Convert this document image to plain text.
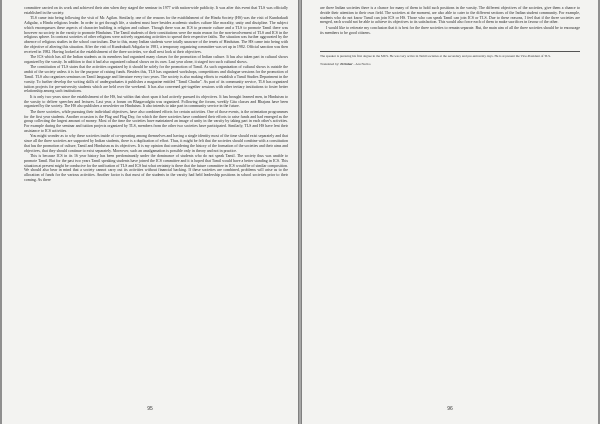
committee carried on its work and achieved their aim when they staged the seminar in 1977 with nation-wide publicity. It was after this event that TLS was officially established in the society.

TLS came into being following the visit of Mr. Agilan. Similarly, one of the reasons for the establishment of the Hindu Society (HS) was the visit of Kundrakudi Adigalar, a Hindu religious leader. In order to get through life, a student must have besides academic studies culture like morality, unity and discipline. The subject which encompasses these aspects of character building is religion and culture. Though there was an ICS to promote culture and a TLS to promote Tamil there was however no society in the varsity to promote Hinduism. The Tamil students of their constitutions were the main reason for the non-involvement of TLS and ICS in the religious sphere. In contrast societies of other religions were actively organizing activities to spread their respective faiths. The situation was further aggravated by the absence of religious studies in the school curriculum. Due to this, many Indian students were totally unaware of the tenets of Hinduism. The HS came into being with the objective of altering this situation. After the visit of Kundrakudi Adigalar in 1981, a temporary organizing committee was set up in 1982. Official sanction was then received in 1982. Having looked at the establishment of the three societies, we shall next look at their objectives.

The ICS which has all the Indian students as its members had organized many classes for the promotion of Indian culture. It has also taken part in cultural shows organized by the varsity. In addition to that it had also organized cultural shows on its own. Last year alone, it staged two such cultural shows.

The constitution of TLS states that the activities organized by it should be solely for the promotion of Tamil. As such organization of cultural shows is outside the ambit of the society unless it is for the purpose of raising funds. Besides this, TLS has organized workshops, competitions and dialogue sessions for the promotion of Tamil. TLS also organizes seminars on Tamil language and literature every two years. The society is also making efforts to establish a Tamil Studies Department in the varsity. To further develop the writing skills of undergraduates it publishes a magazine entitled "Tamil Chudar". As part of its community service, TLS has organized tuition projects for pre-university students which are held over the weekend. It has also convened get-together sessions with other tertiary institutions to foster better relationship among such institutions.

It is only two years since the establishment of the HS, but within that short span it had actively pursued its objectives. It has brought learned men, in Hinduism to the varsity to deliver speeches and lectures. Last year, a forum on Bhagavadgita was organized. Following the forum, weekly Gita classes and Bhajans have been organized by the society. The HS also publishes a newsletter on Hinduism. It also intends to take part in community service in the future.

The three societies, while pursuing their individual objectives, have also combined efforts for certain activities. One of those events, is the orientation programmes for the first year students. Another occasion is the Flag and Flag Day, for which the three societies have combined their efforts to raise funds and had emerged as the group collecting the largest amount of money. Most of the time the societies have maintained an image of unity in the varsity by taking part in each other's activities. For example during the seminar and tuition projects organized by TLS, members from the other two societies have participated. Similarly, TLS and HS have lent their assistance to ICS activities.

You might wonder as to why these societies inside of co-operating among themselves and having a single identity most of the time should exist separately and that since all the three societies are supported by Indian students, there is a duplication of effort. Thus, it might be felt that the societies should combine with a constitution that has the promotion of culture, Tamil and Hinduism as its objectives. It is my opinion that considering the history of the formation of the societies and their aims and objectives, that they should continue to exist separately. Moreover, such an amalgamation is possible only in theory and not in practice.

This is because ICS in its 16 year history has been predominantly under the dominance of students who do not speak Tamil. The society thus was unable to promote Tamil. But for the past two years Tamil speaking students have joined the ICS committee and it is hoped that Tamil would have a better standing in ICS. This situation at present might be conducive for the unification of TLS and ICS but what certainty is there that the future committee in ICS would be of similar composition. We should also bear in mind that a society cannot carry out its activities without financial backing. If these societies are combined, problems will arise as to the allocation of funds for the various activities. Another factor is that most of the students in the varsity had held leadership positions in school societies prior to their coming. As there

95

are three Indian societies there is a chance for many of them to hold such positions in the varsity. The different objectives of the societies, give them a chance to decide their attention to their own field. The societies at the moment, are also able to cater to the different sections of the Indian student community. For example, students who do not know Tamil can join ICS or HS. Those who can speak Tamil can join ICS or TLS. Due to these reasons, I feel that if the three societies are merged, each would not be able to achieve its objectives to its satisfaction. This would also force each of them to make sacrifices in favour of the other.

I would like to reiterate my conclusion that it is best for the three societies to remain separate. But, the main aim of all the three societies should be to encourage its members to be good citizens.

The speaker is pursuing his first degree in the MUS. He was very active in Tamil societies at the secondary and pre-university days. He is at present the Vice-President of TLS.

Translated by: Perinbar - Aru Nu Ko

96
